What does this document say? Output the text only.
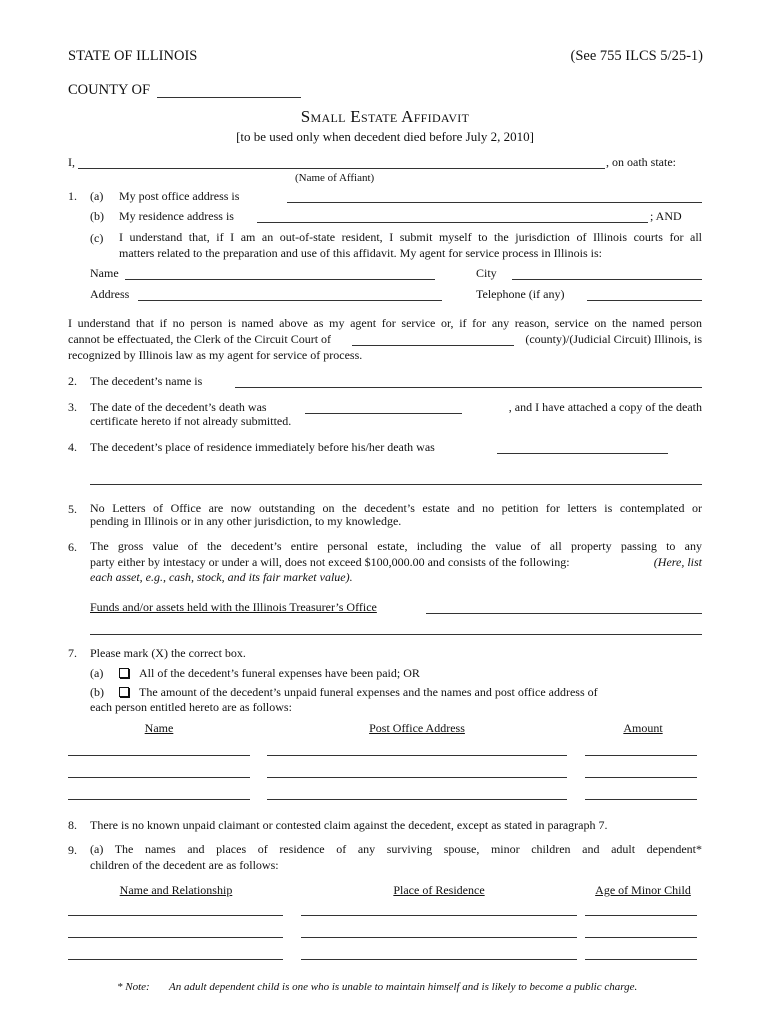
STATE OF ILLINOIS	(See 755 ILCS 5/25-1)
COUNTY OF
Small Estate Affidavit
[to be used only when decedent died before July 2, 2010]
I,	, on oath state:
(Name of Affiant)
1. (a) My post office address is
(b) My residence address is	; AND
(c) I understand that, if I am an out-of-state resident, I submit myself to the jurisdiction of Illinois courts for all
matters related to the preparation and use of this affidavit. My agent for service process in Illinois is:
Name	City
Address	Telephone (if any)
I understand that if no person is named above as my agent for service or, if for any reason, service on the named person
cannot be effectuated, the Clerk of the Circuit Court of	(county)/(Judicial Circuit) Illinois, is
recognized by Illinois law as my agent for service of process.
2. The decedent’s name is
3. The date of the decedent’s death was	, and I have attached a copy of the death
certificate hereto if not already submitted.
4. The decedent’s place of residence immediately before his/her death was
5. No Letters of Office are now outstanding on the decedent’s estate and no petition for letters is contemplated or
pending in Illinois or in any other jurisdiction, to my knowledge.
6. The gross value of the decedent’s entire personal estate, including the value of all property passing to any
party either by intestacy or under a will, does not exceed $100,000.00 and consists of the following:	(Here, list
each asset, e.g., cash, stock, and its fair market value).
Funds and/or assets held with the Illinois Treasurer’s Office
7. Please mark (X) the correct box.
(a)	All of the decedent’s funeral expenses have been paid; OR
(b)	The amount of the decedent’s unpaid funeral expenses and the names and post office address of
each person entitled hereto are as follows:
Name	Post Office Address	Amount
8. There is no known unpaid claimant or contested claim against the decedent, except as stated in paragraph 7.
9. (a) The names and places of residence of any surviving spouse, minor children and adult dependent*
children of the decedent are as follows:
Name and Relationship	Place of Residence	Age of Minor Child
* Note: An adult dependent child is one who is unable to maintain himself and is likely to become a public charge.
